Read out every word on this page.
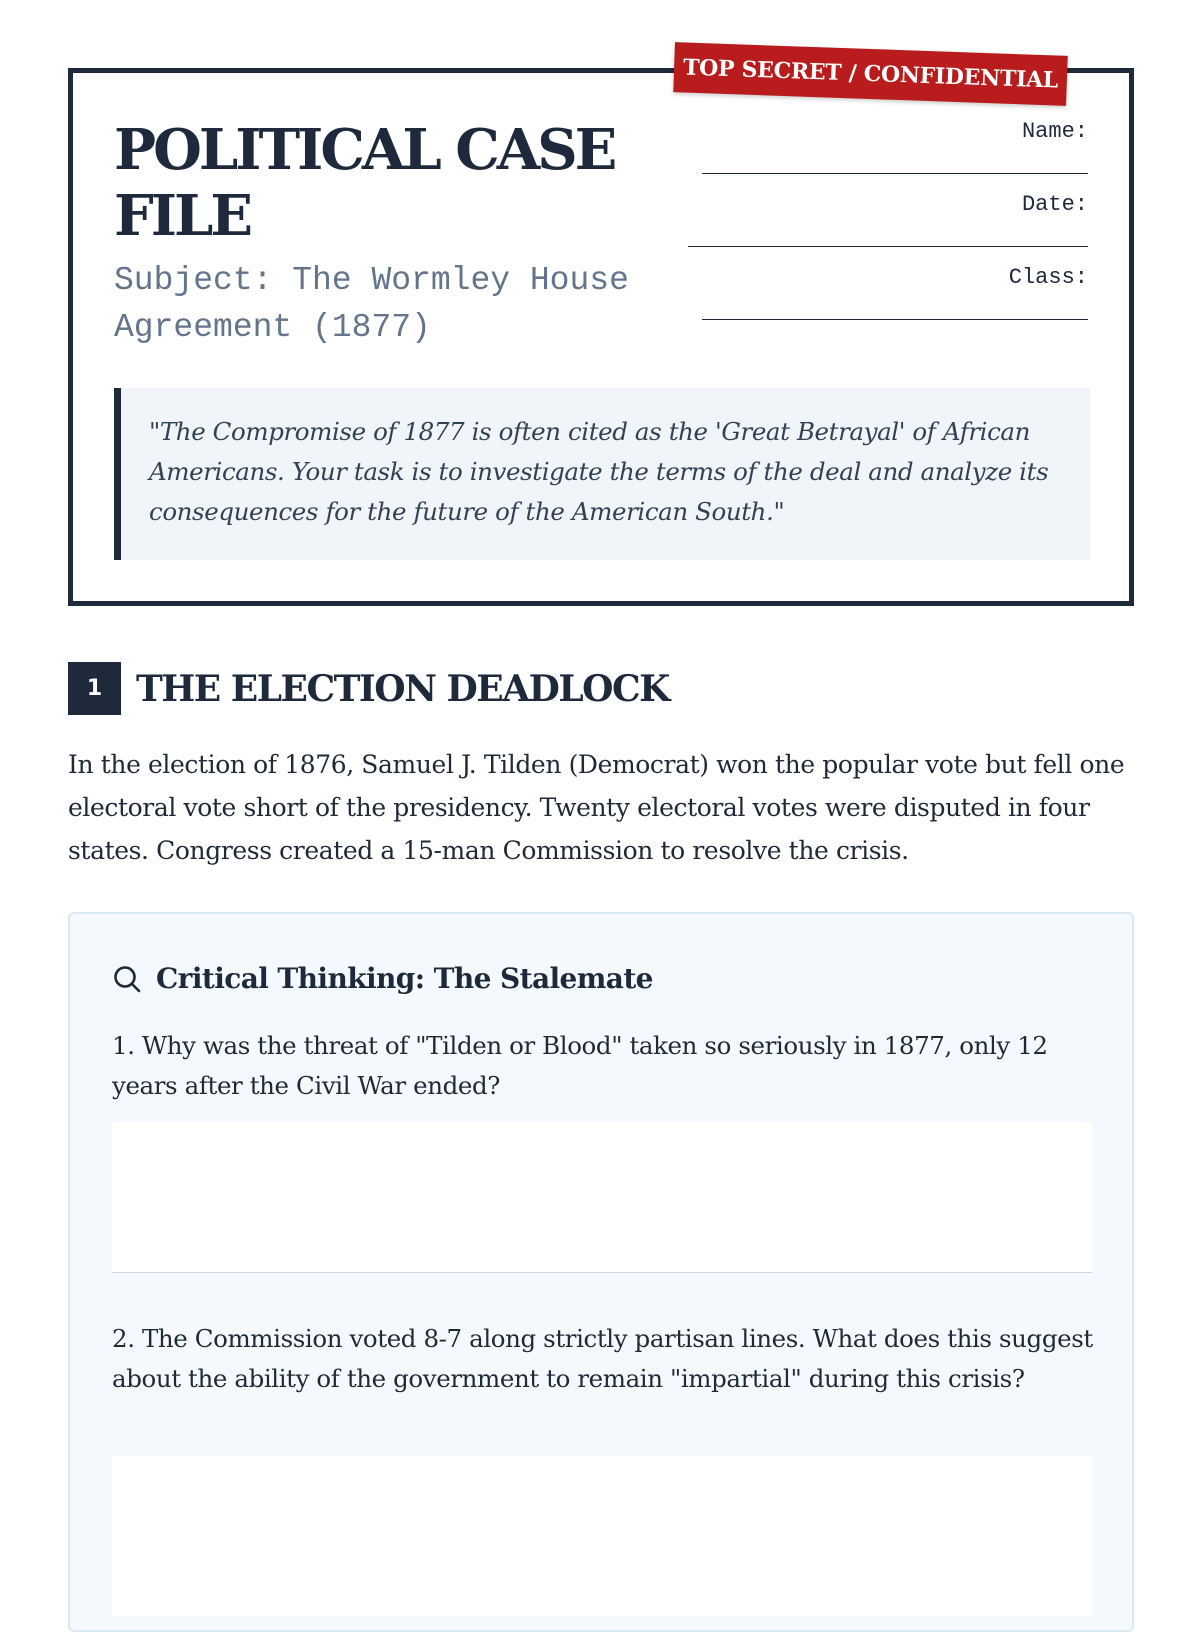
TOP SECRET / CONFIDENTIAL
POLITICAL CASE FILE
Subject: The Wormley House Agreement (1877)
Name:
Date:
Class:
"The Compromise of 1877 is often cited as the 'Great Betrayal' of African Americans. Your task is to investigate the terms of the deal and analyze its consequences for the future of the American South."
1 THE ELECTION DEADLOCK

In the election of 1876, Samuel J. Tilden (Democrat) won the popular vote but fell one electoral vote short of the presidency. Twenty electoral votes were disputed in four states. Congress created a 15-man Commission to resolve the crisis.

Critical Thinking: The Stalemate
1. Why was the threat of "Tilden or Blood" taken so seriously in 1877, only 12 years after the Civil War ended?
2. The Commission voted 8-7 along strictly partisan lines. What does this suggest about the ability of the government to remain "impartial" during this crisis?
